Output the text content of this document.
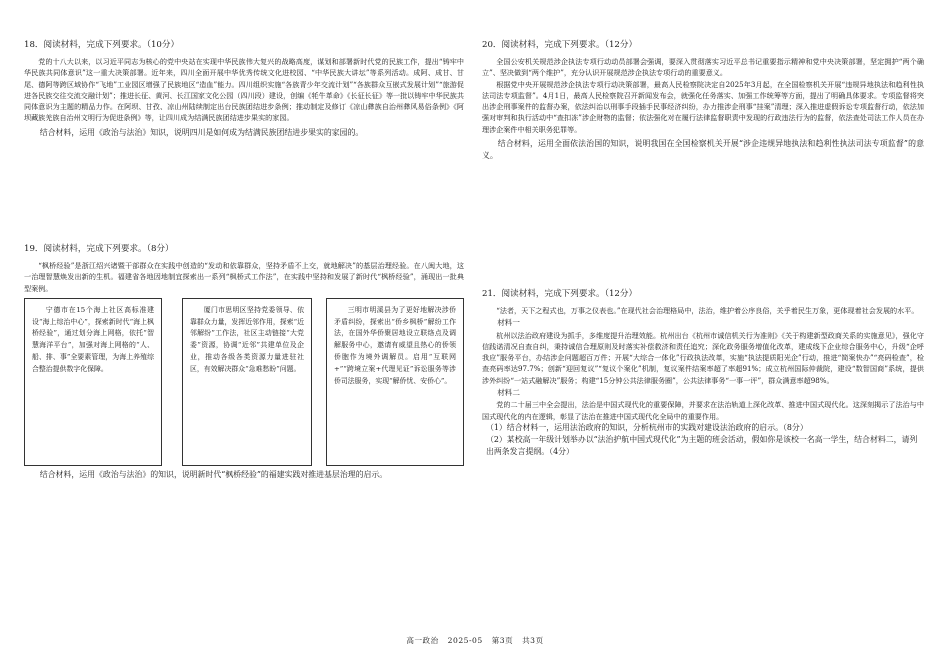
18．阅读材料，完成下列要求。（10分）

党的十八大以来，以习近平同志为核心的党中央站在实现中华民族伟大复兴的战略高度，谋划和部署新时代党的民族工作，提出“铸牢中华民族共同体意识”这一重大决策部署。近年来，四川全面开展中华优秀传统文化进校园、“中华民族大讲坛”等系列活动。成阿、成甘、甘尾、德阿等跨区域协作“飞地”工业园区增强了民族地区“造血”能力。四川组织实施“各族青少年交流计划”“各族群众互嵌式发展计划”“旅游促进各民族交往交流交融计划”；推进长征、黄河、长江国家文化公园（四川段）建设，创编《牦牛革命》《长征长征》等一批以铸牢中华民族共同体意识为主题的精品力作。在阿坝、甘孜、凉山州陆续制定出台民族团结进步条例；推动制定及修订《凉山彝族自治州彝风易俗条例》《阿坝藏族羌族自治州文明行为促进条例》等，让四川成为结满民族团结进步果实的家园。

结合材料，运用《政治与法治》知识，说明四川是如何成为结满民族团结进步果实的家园的。

19．阅读材料，完成下列要求。（8分）

“枫桥经验”是浙江绍兴诸暨干部群众在实践中创造的“发动和依靠群众，坚持矛盾不上交，就地解决”的基层治理经验。在八闽大地，这一治理智慧焕发出新的生机。福建省各地因地制宜探索出一系列“枫桥式工作法”，在实践中坚持和发展了新时代“枫桥经验”，涌现出一批典型案例。

宁德市在15个海上社区高标准建设“海上综治中心”，探索新时代“海上枫桥经验”，通过划分海上网格，依托“智慧海洋平台”，加强对海上网格的“人、船、排、事”全要素管理，为海上养殖综合整治提供数字化保障。
厦门市思明区坚持党委领导、依靠群众力量，发挥近邻作用，探索“近邻解纷”工作法，社区主动链接“大党委”资源，协调“近邻”共建单位及企业，推动各级各类资源力量进驻社区，有效解决群众“急难愁盼”问题。
三明市明溪县为了更好地解决涉侨矛盾纠纷，探索出“侨乡枫桥”解纷工作法，在国外华侨聚居地设立联络点及调解服务中心，邀请有威望且热心的侨领侨胞作为境外调解员。启用“互联网+”“跨境立案+代理见证”诉讼服务等涉侨司法服务，实现“解侨忧、安侨心”。

结合材料，运用《政治与法治》的知识，说明新时代“枫桥经验”的福建实践对推进基层治理的启示。

20．阅读材料，完成下列要求。（12分）

全国公安机关规范涉企执法专项行动动员部署会强调，要深入贯彻落实习近平总书记重要指示精神和党中央决策部署，坚定拥护“两个确立”、坚决做到“两个维护”，充分认识开展规范涉企执法专项行动的重要意义。

根据党中央开展规范涉企执法专项行动决策部署，最高人民检察院决定自2025年3月起，在全国检察机关开展“违规异地执法和趋利性执法司法专项监督”。4月1日，最高人民检察院召开新闻发布会，就强化任务落实、加强工作统筹等方面，提出了明确具体要求。专项监督将突出涉企刑事案件的监督办案，依法纠治以刑事手段插手民事经济纠纷，办力推涉企刑事“挂案”清理；深入推进虚假诉讼专项监督行动，依法加强对审判和执行活动中“查扣冻”涉企财物的监督；依法强化对在履行法律监督职责中发现的行政违法行为的监督，依法查处司法工作人员在办理涉企案件中相关职务犯罪等。

结合材料，运用全面依法治国的知识，说明我国在全国检察机关开展“涉企违规异地执法和趋利性执法司法专项监督”的意义。

21．阅读材料，完成下列要求。（12分）

“法者，天下之程式也，万事之仪表也。”在现代社会治理格局中，法治，维护着公序良俗，关乎着民生万象，更体现着社会发展的水平。

材料一

杭州以法治政府建设为抓手，多维度提升治理效能。杭州出台《杭州市诚信机关行为准则》《关于构建新型政商关系的实施意见》，强化守信践诺清况自查自纠，秉持诚信合理原则及时落实补偿救济和责任追究；深化政务服务增值化改革，建成线下企业综合服务中心，升级“企呼我应”服务平台，办结涉企问题超百万件；开展“大综合一体化”行政执法改革，实施“执法提质阳光企”行动，推进“简案快办”“亮码检查”，检查亮码率达97.7%；创新“迎回复议”“复议个案化”机制，复议案件结案率超了率超91%；成立杭州国际仲裁院，建设“数智国商”系统，提供涉外纠纷“一站式融解决”服务；构建“15分钟公共法律服务圈”，公共法律事务“一事一评”，群众满意率超98%。

材料二

党的二十届三中全会提出，法治是中国式现代化的重要保障，并要求在法治轨道上深化改革、推进中国式现代化。这深刻揭示了法治与中国式现代化的内在逻辑，彰显了法治在推进中国式现代化全局中的重要作用。

（1）结合材料一，运用法治政府的知识，分析杭州市的实践对建设法治政府的启示。（8分）
（2）某校高一年级计划举办以“法治护航中国式现代化”为主题的班会活动，假如你是该校一名高一学生，结合材料二，请列出两条发言提纲。（4分）
高一政治 2025-05 第3页 共3页
